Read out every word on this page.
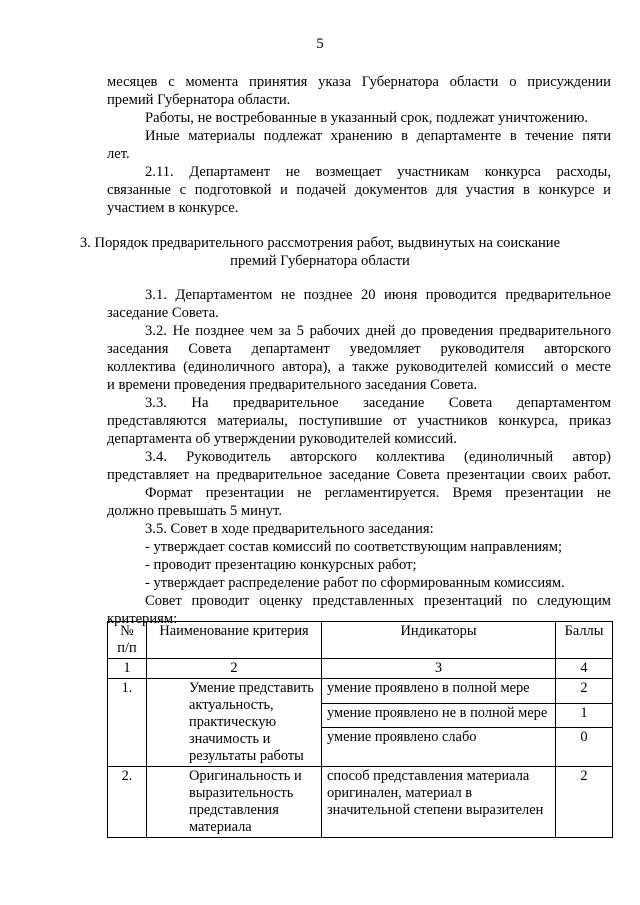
5
месяцев с момента принятия указа Губернатора области о присуждении
премий Губернатора области.
Работы, не востребованные в указанный срок, подлежат уничтожению.
Иные материалы подлежат хранению в департаменте в течение пяти
лет.
2.11. Департамент не возмещает участникам конкурса расходы,
связанные с подготовкой и подачей документов для участия в конкурсе и
участием в конкурсе.
3. Порядок предварительного рассмотрения работ, выдвинутых на соискание
премий Губернатора области
3.1. Департаментом не позднее 20 июня проводится предварительное
заседание Совета.
3.2. Не позднее чем за 5 рабочих дней до проведения предварительного
заседания Совета департамент уведомляет руководителя авторского
коллектива (единоличного автора), а также руководителей комиссий о месте
и времени проведения предварительного заседания Совета.
3.3. На предварительное заседание Совета департаментом
представляются материалы, поступившие от участников конкурса, приказ
департамента об утверждении руководителей комиссий.
3.4. Руководитель авторского коллектива (единоличный автор)
представляет на предварительное заседание Совета презентации своих работ.
Формат презентации не регламентируется. Время презентации не
должно превышать 5 минут.
3.5. Совет в ходе предварительного заседания:
- утверждает состав комиссий по соответствующим направлениям;
- проводит презентацию конкурсных работ;
- утверждает распределение работ по сформированным комиссиям.
Совет проводит оценку представленных презентаций по следующим
критериям:
№ п/п	Наименование критерия	Индикаторы	Баллы
1	2	3	4
1.	Умение представить актуальность, практическую значимость и результаты работы	умение проявлено в полной мере	2
		умение проявлено не в полной мере	1
		умение проявлено слабо	0
2.	Оригинальность и выразительность представления материала	способ представления материала оригинален, материал в значительной степени выразителен	2
